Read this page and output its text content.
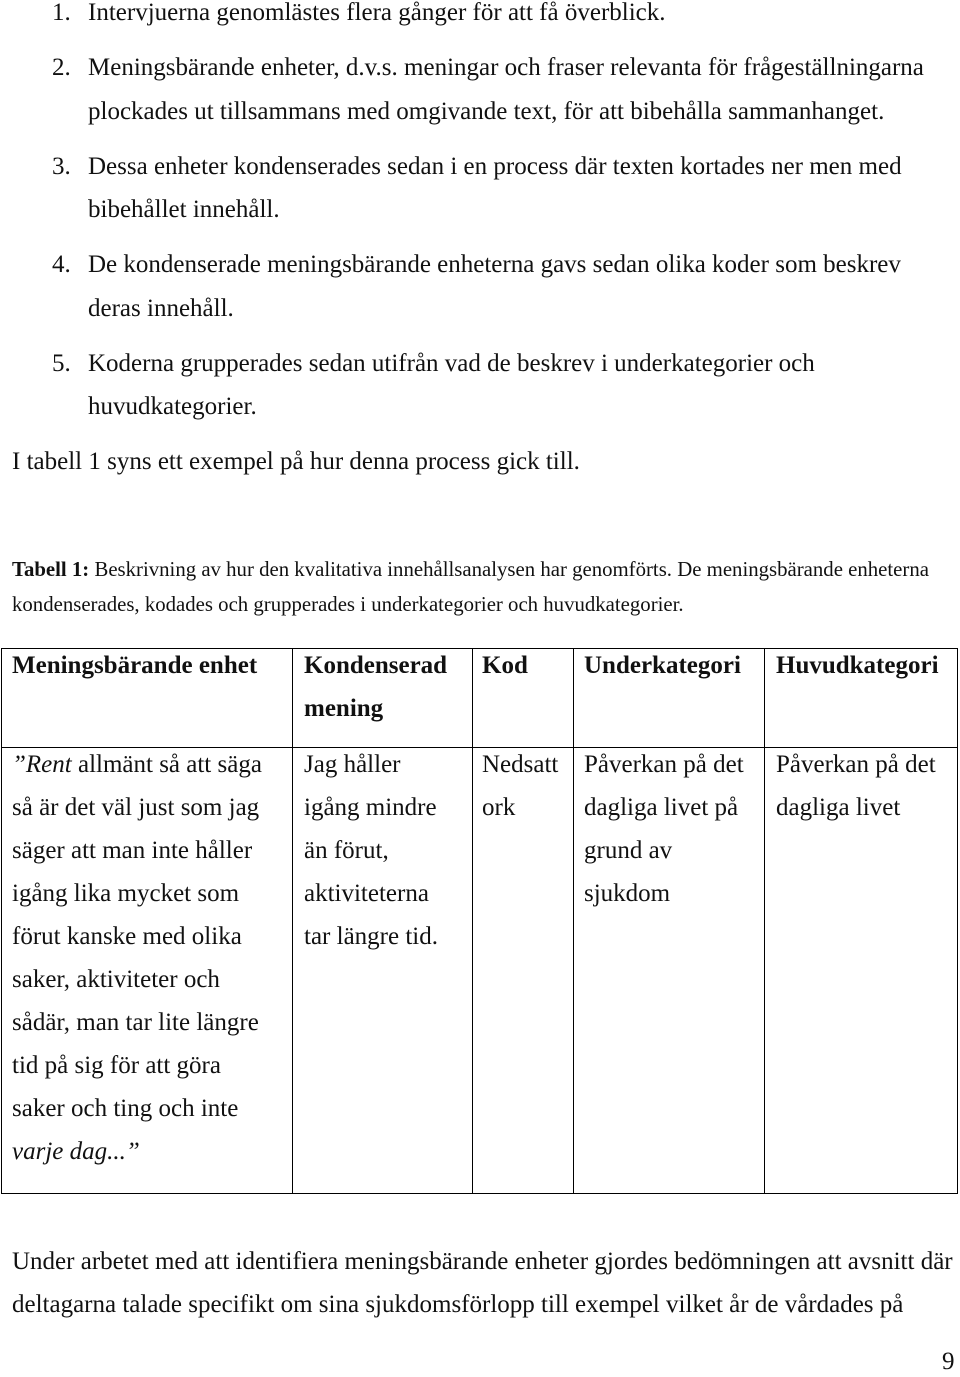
1. Intervjuerna genomlästes flera gånger för att få överblick.
2. Meningsbärande enheter, d.v.s. meningar och fraser relevanta för frågeställningarna plockades ut tillsammans med omgivande text, för att bibehålla sammanhanget.
3. Dessa enheter kondenserades sedan i en process där texten kortades ner men med bibehållet innehåll.
4. De kondenserade meningsbärande enheterna gavs sedan olika koder som beskrev deras innehåll.
5. Koderna grupperades sedan utifrån vad de beskrev i underkategorier och huvudkategorier.

I tabell 1 syns ett exempel på hur denna process gick till.

Tabell 1: Beskrivning av hur den kvalitativa innehållsanalysen har genomförts. De meningsbärande enheterna kondenserades, kodades och grupperades i underkategorier och huvudkategorier.

Meningsbärande enhet	Kondenserad mening	Kod	Underkategori	Huvudkategori

”Rent allmänt så att säga så är det väl just som jag säger att man inte håller igång lika mycket som förut kanske med olika saker, aktiviteter och sådär, man tar lite längre tid på sig för att göra saker och ting och inte varje dag...”	Jag håller igång mindre än förut, aktiviteterna tar längre tid.	Nedsatt ork	Påverkan på det dagliga livet på grund av sjukdom	Påverkan på det dagliga livet

Under arbetet med att identifiera meningsbärande enheter gjordes bedömningen att avsnitt där deltagarna talade specifikt om sina sjukdomsförlopp till exempel vilket år de vårdades på

9
